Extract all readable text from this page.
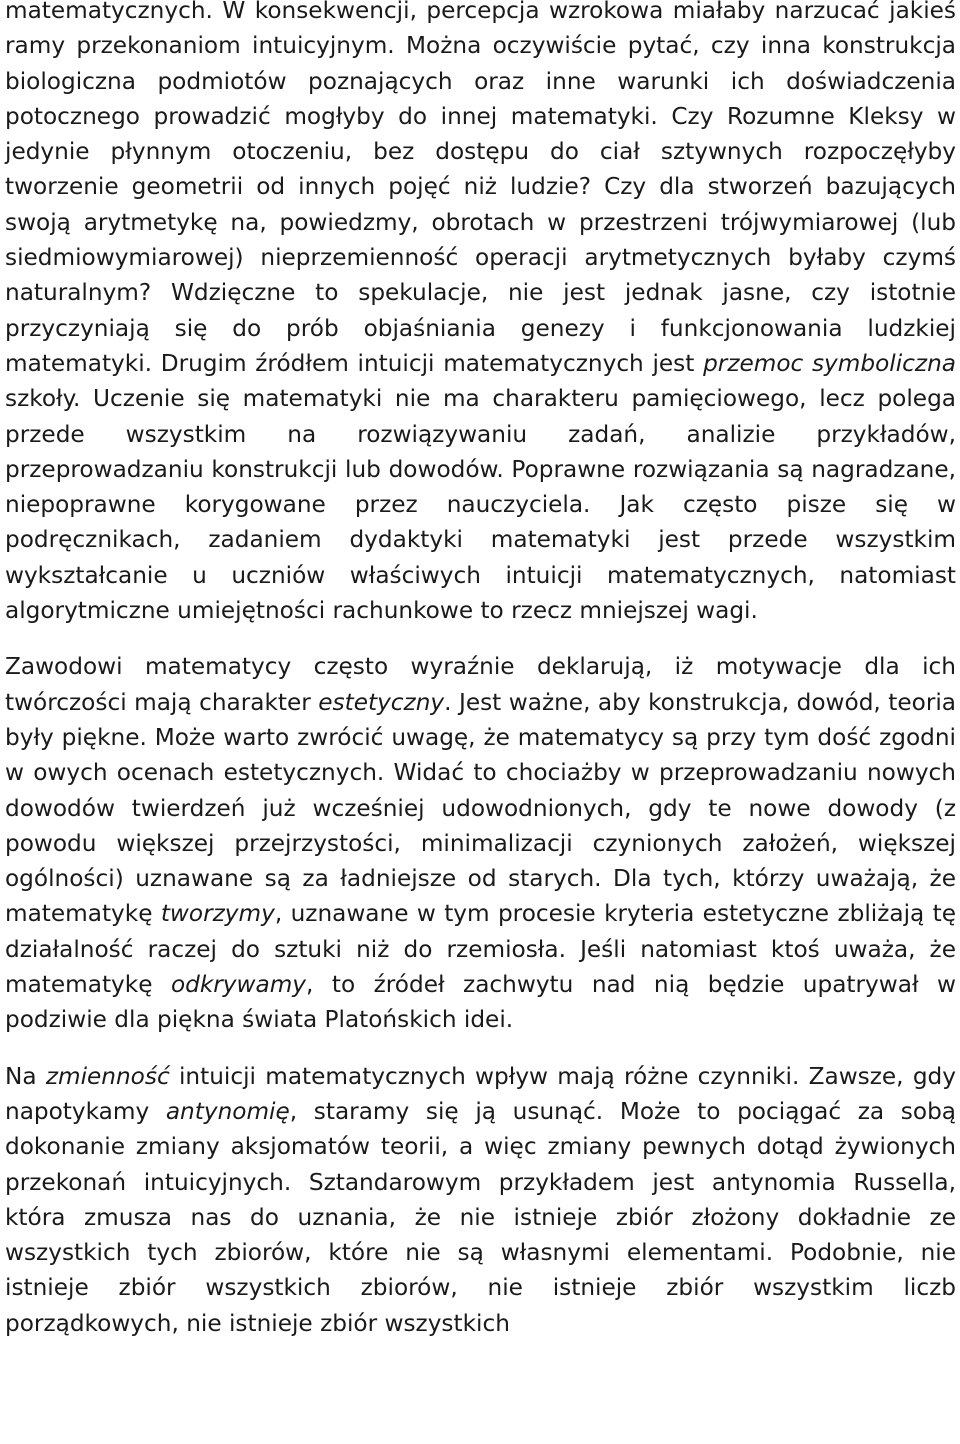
matematycznych. W konsekwencji, percepcja wzrokowa miałaby narzucać jakieś ramy przekonaniom intuicyjnym. Można oczywiście pytać, czy inna konstrukcja biologiczna podmiotów poznających oraz inne warunki ich doświadczenia potocznego prowadzić mogłyby do innej matematyki. Czy Rozumne Kleksy w jedynie płynnym otoczeniu, bez dostępu do ciał sztywnych rozpoczęłyby tworzenie geometrii od innych pojęć niż ludzie? Czy dla stworzeń bazujących swoją arytmetykę na, powiedzmy, obrotach w przestrzeni trójwymiarowej (lub siedmiowymiarowej) nieprzemienność operacji arytmetycznych byłaby czymś naturalnym? Wdzięczne to spekulacje, nie jest jednak jasne, czy istotnie przyczyniają się do prób objaśniania genezy i funkcjonowania ludzkiej matematyki. Drugim źródłem intuicji matematycznych jest przemoc symboliczna szkoły. Uczenie się matematyki nie ma charakteru pamięciowego, lecz polega przede wszystkim na rozwiązywaniu zadań, analizie przykładów, przeprowadzaniu konstrukcji lub dowodów. Poprawne rozwiązania są nagradzane, niepoprawne korygowane przez nauczyciela. Jak często pisze się w podręcznikach, zadaniem dydaktyki matematyki jest przede wszystkim wykształcanie u uczniów właściwych intuicji matematycznych, natomiast algorytmiczne umiejętności rachunkowe to rzecz mniejszej wagi.

Zawodowi matematycy często wyraźnie deklarują, iż motywacje dla ich twórczości mają charakter estetyczny. Jest ważne, aby konstrukcja, dowód, teoria były piękne. Może warto zwrócić uwagę, że matematycy są przy tym dość zgodni w owych ocenach estetycznych. Widać to chociażby w przeprowadzaniu nowych dowodów twierdzeń już wcześniej udowodnionych, gdy te nowe dowody (z powodu większej przejrzystości, minimalizacji czynionych założeń, większej ogólności) uznawane są za ładniejsze od starych. Dla tych, którzy uważają, że matematykę tworzymy, uznawane w tym procesie kryteria estetyczne zbliżają tę działalność raczej do sztuki niż do rzemiosła. Jeśli natomiast ktoś uważa, że matematykę odkrywamy, to źródeł zachwytu nad nią będzie upatrywał w podziwie dla piękna świata Platońskich idei.

Na zmienność intuicji matematycznych wpływ mają różne czynniki. Zawsze, gdy napotykamy antynomię, staramy się ją usunąć. Może to pociągać za sobą dokonanie zmiany aksjomatów teorii, a więc zmiany pewnych dotąd żywionych przekonań intuicyjnych. Sztandarowym przykładem jest antynomia Russella, która zmusza nas do uznania, że nie istnieje zbiór złożony dokładnie ze wszystkich tych zbiorów, które nie są własnymi elementami. Podobnie, nie istnieje zbiór wszystkich zbiorów, nie istnieje zbiór wszystkim liczb porządkowych, nie istnieje zbiór wszystkich
